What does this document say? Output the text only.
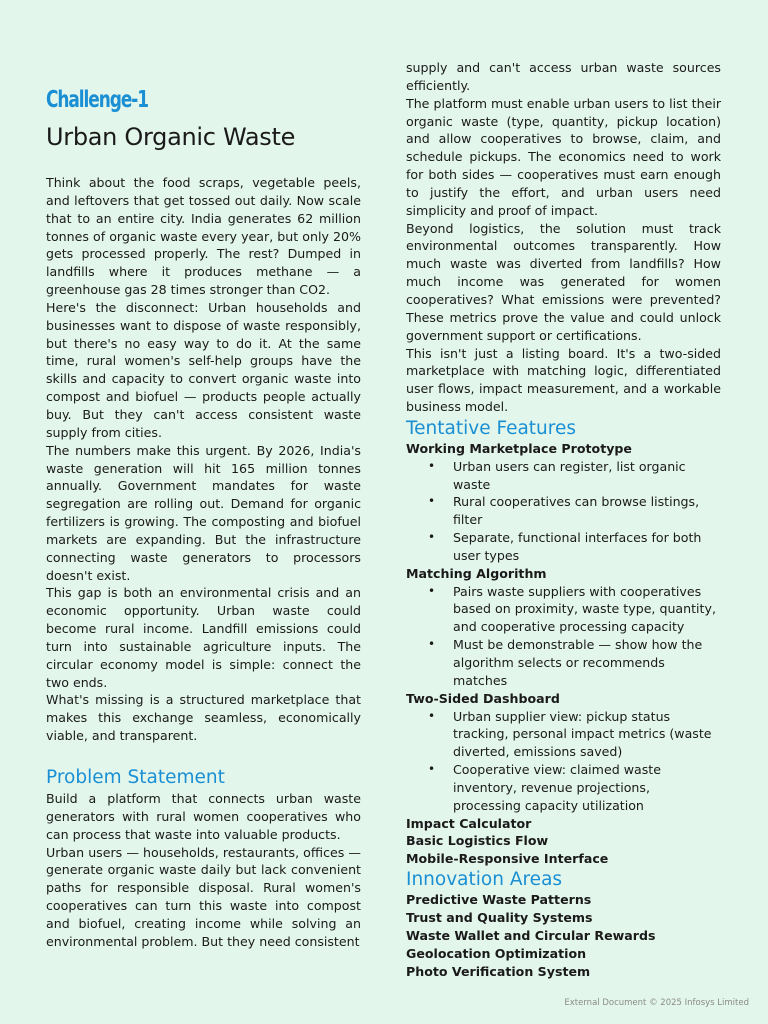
Challenge-1
Urban Organic Waste

Think about the food scraps, vegetable peels, and leftovers that get tossed out daily. Now scale that to an entire city. India generates 62 million tonnes of organic waste every year, but only 20% gets processed properly. The rest? Dumped in landfills where it produces methane — a greenhouse gas 28 times stronger than CO2.

Here's the disconnect: Urban households and businesses want to dispose of waste responsibly, but there's no easy way to do it. At the same time, rural women's self-help groups have the skills and capacity to convert organic waste into compost and biofuel — products people actually buy. But they can't access consistent waste supply from cities.

The numbers make this urgent. By 2026, India's waste generation will hit 165 million tonnes annually. Government mandates for waste segregation are rolling out. Demand for organic fertilizers is growing. The composting and biofuel markets are expanding. But the infrastructure connecting waste generators to processors doesn't exist.

This gap is both an environmental crisis and an economic opportunity. Urban waste could become rural income. Landfill emissions could turn into sustainable agriculture inputs. The circular economy model is simple: connect the two ends.

What's missing is a structured marketplace that makes this exchange seamless, economically viable, and transparent.

Problem Statement

Build a platform that connects urban waste generators with rural women cooperatives who can process that waste into valuable products.

Urban users — households, restaurants, offices — generate organic waste daily but lack convenient paths for responsible disposal. Rural women's cooperatives can turn this waste into compost and biofuel, creating income while solving an environmental problem. But they need consistent

supply and can't access urban waste sources efficiently.

The platform must enable urban users to list their organic waste (type, quantity, pickup location) and allow cooperatives to browse, claim, and schedule pickups. The economics need to work for both sides — cooperatives must earn enough to justify the effort, and urban users need simplicity and proof of impact.

Beyond logistics, the solution must track environmental outcomes transparently. How much waste was diverted from landfills? How much income was generated for women cooperatives? What emissions were prevented? These metrics prove the value and could unlock government support or certifications.

This isn't just a listing board. It's a two-sided marketplace with matching logic, differentiated user flows, impact measurement, and a workable business model.

Tentative Features
Working Marketplace Prototype
• Urban users can register, list organic waste
• Rural cooperatives can browse listings, filter
• Separate, functional interfaces for both user types
Matching Algorithm
• Pairs waste suppliers with cooperatives based on proximity, waste type, quantity, and cooperative processing capacity
• Must be demonstrable — show how the algorithm selects or recommends matches
Two-Sided Dashboard
• Urban supplier view: pickup status tracking, personal impact metrics (waste diverted, emissions saved)
• Cooperative view: claimed waste inventory, revenue projections, processing capacity utilization
Impact Calculator
Basic Logistics Flow
Mobile-Responsive Interface
Innovation Areas
Predictive Waste Patterns
Trust and Quality Systems
Waste Wallet and Circular Rewards
Geolocation Optimization
Photo Verification System
External Document © 2025 Infosys Limited
